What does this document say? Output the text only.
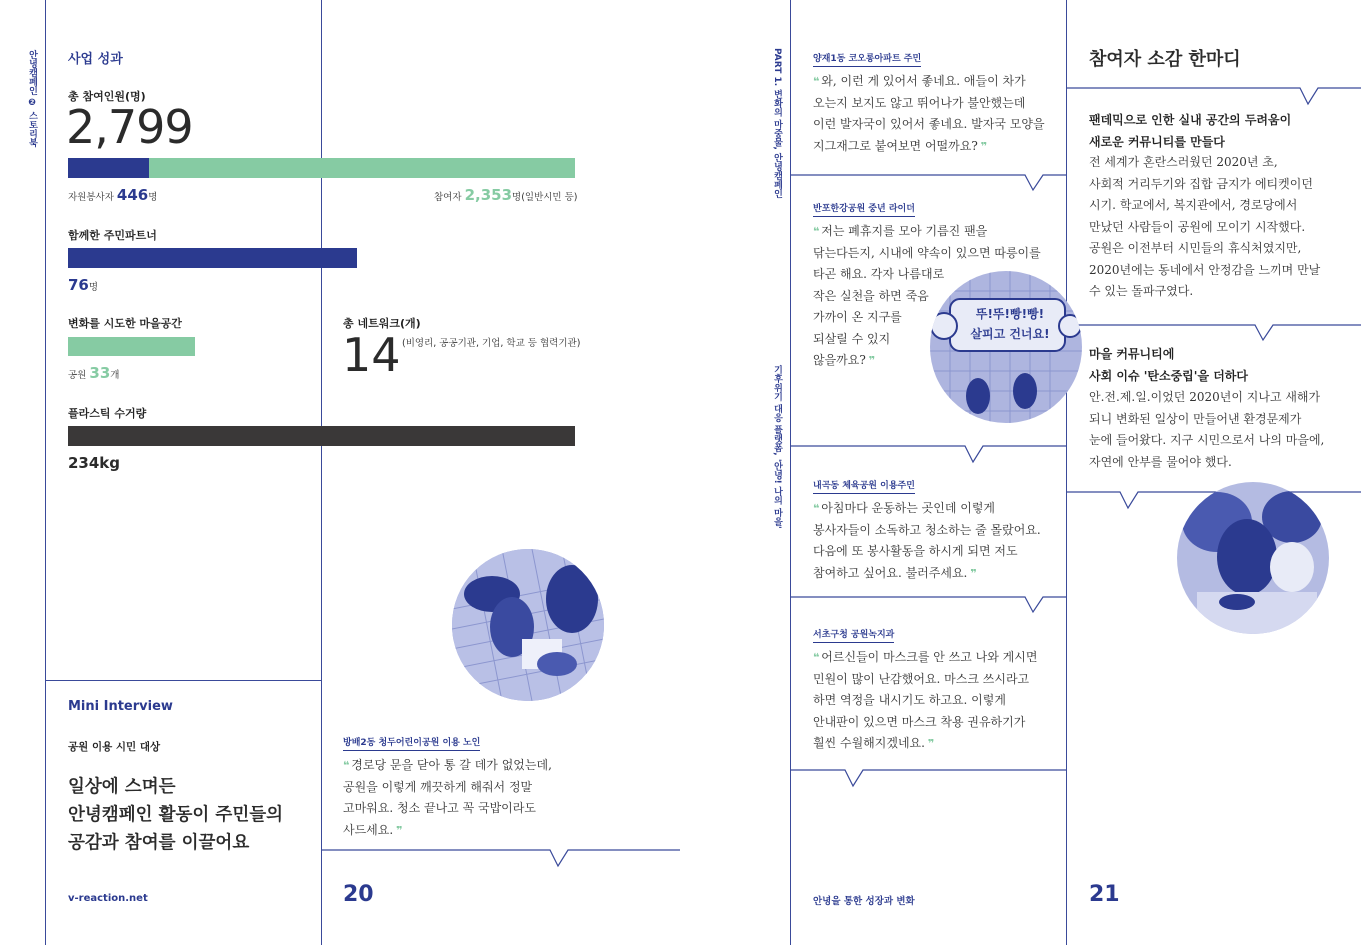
안녕캠페인 ❷ 스토리북 사업 성과
총 참여인원(명)
2,799
자원봉사자 446명	참여자 2,353명(일반시민 등)
함께한 주민파트너
76명
변화를 시도한 마을공간
공원 33개
총 네트워크(개)
14 (비영리, 공공기관, 기업, 학교 등 협력기관)
플라스틱 수거량
234kg
Mini Interview
공원 이용 시민 대상
일상에 스며든
안녕캠페인 활동이 주민들의
공감과 참여를 이끌어요
v-reaction.net
방배2동 청두어린이공원 이용 노인
❝ 경로당 문을 닫아 통 갈 데가 없었는데,
공원을 이렇게 깨끗하게 해줘서 정말
고마워요. 청소 끝나고 꼭 국밥이라도
사드세요. ❞
20
PART 1. 변화의 마중물, 안녕캠페인
기후위기 대응 플랫폼, '안녕! 나의 마을'
양재1동 코오롱아파트 주민
❝ 와, 이런 게 있어서 좋네요. 애들이 차가
오는지 보지도 않고 뛰어나가 불안했는데
이런 발자국이 있어서 좋네요. 발자국 모양을
지그재그로 붙여보면 어떨까요? ❞
반포한강공원 중년 라이더
❝ 저는 폐휴지를 모아 기름진 팬을
닦는다든지, 시내에 약속이 있으면 따릉이를
타곤 해요. 각자 나름대로
작은 실천을 하면 죽음
가까이 온 지구를
되살릴 수 있지
않을까요? ❞
뚜!뚜!빵!빵!
살피고 건너요!
내곡동 체육공원 이용주민
❝ 아침마다 운동하는 곳인데 이렇게
봉사자들이 소독하고 청소하는 줄 몰랐어요.
다음에 또 봉사활동을 하시게 되면 저도
참여하고 싶어요. 불러주세요. ❞
서초구청 공원녹지과
❝ 어르신들이 마스크를 안 쓰고 나와 게시면
민원이 많이 난감했어요. 마스크 쓰시라고
하면 역정을 내시기도 하고요. 이렇게
안내판이 있으면 마스크 착용 권유하기가
훨씬 수월해지겠네요. ❞
안녕을 통한 성장과 변화
참여자 소감 한마디
팬데믹으로 인한 실내 공간의 두려움이
새로운 커뮤니티를 만들다
전 세계가 혼란스러웠던 2020년 초,
사회적 거리두기와 집합 금지가 에티켓이던
시기. 학교에서, 복지관에서, 경로당에서
만났던 사람들이 공원에 모이기 시작했다.
공원은 이전부터 시민들의 휴식처였지만,
2020년에는 동네에서 안정감을 느끼며 만날
수 있는 돌파구였다.
마을 커뮤니티에
사회 이슈 '탄소중립'을 더하다
안.전.제.일.이었던 2020년이 지나고 새해가
되니 변화된 일상이 만들어낸 환경문제가
눈에 들어왔다. 지구 시민으로서 나의 마을에,
자연에 안부를 물어야 했다.
21
